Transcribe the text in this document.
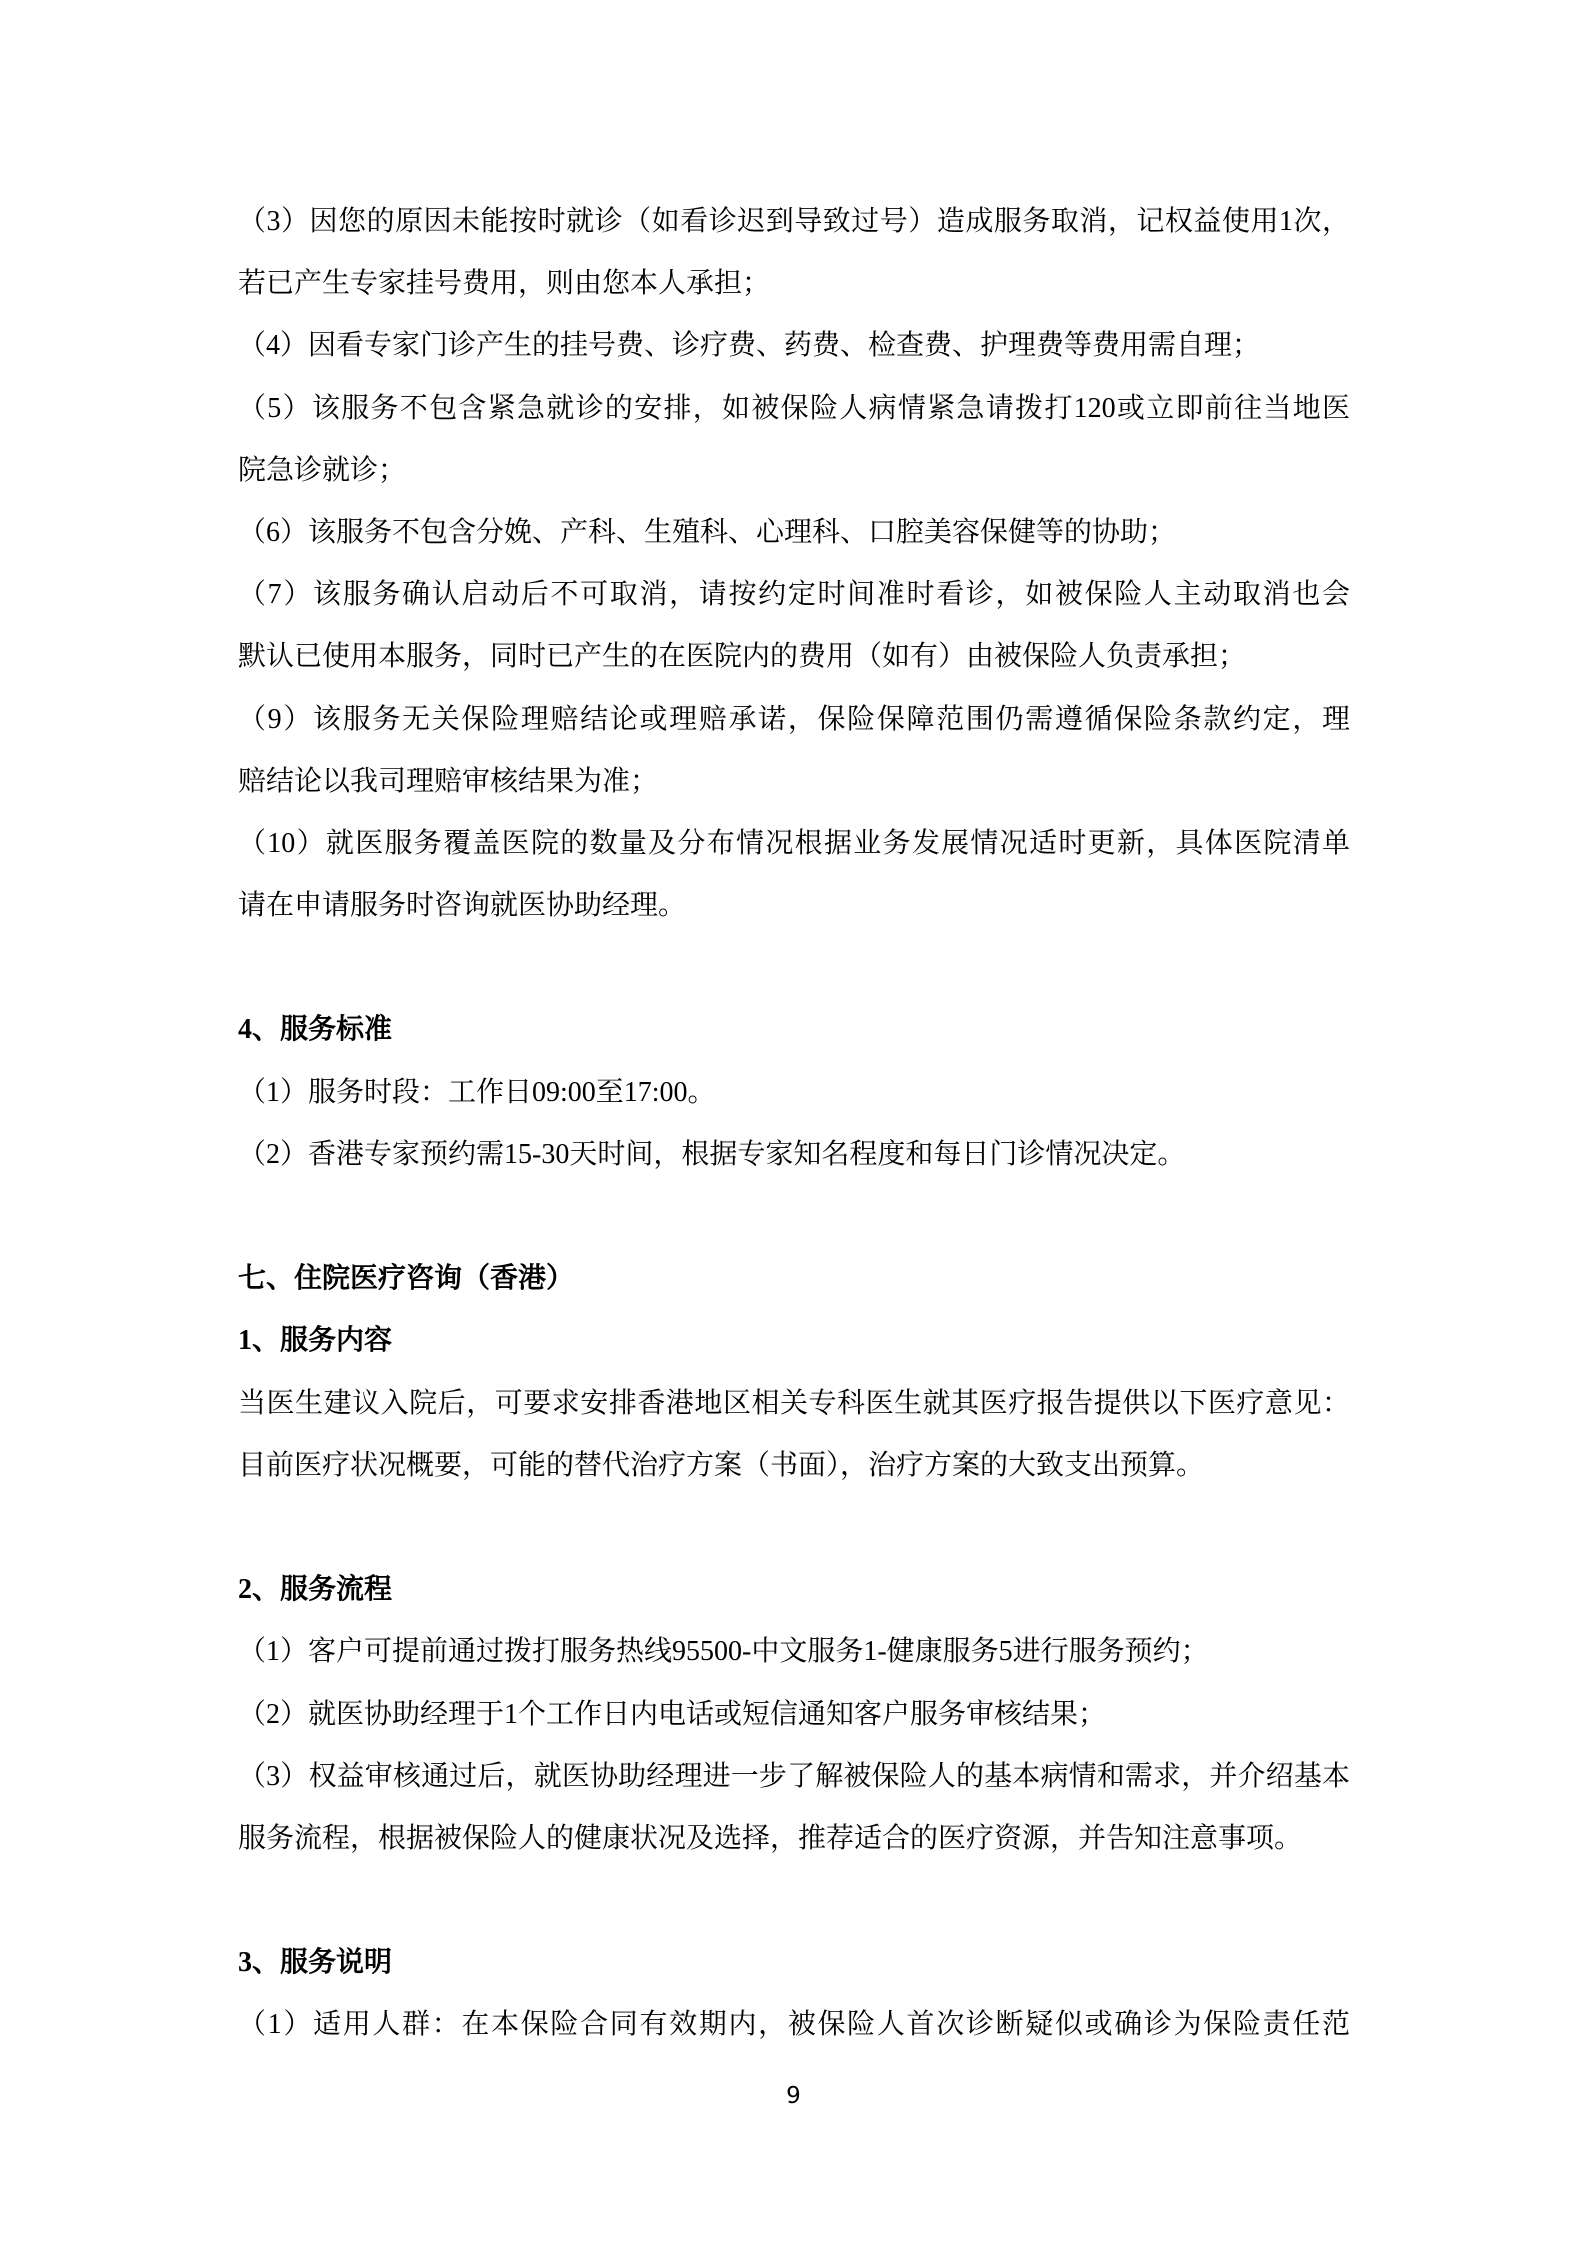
（3）因您的原因未能按时就诊（如看诊迟到导致过号）造成服务取消，记权益使用1次，
若已产生专家挂号费用，则由您本人承担；
（4）因看专家门诊产生的挂号费、诊疗费、药费、检查费、护理费等费用需自理；
（5）该服务不包含紧急就诊的安排，如被保险人病情紧急请拨打120或立即前往当地医
院急诊就诊；
（6）该服务不包含分娩、产科、生殖科、心理科、口腔美容保健等的协助；
（7）该服务确认启动后不可取消，请按约定时间准时看诊，如被保险人主动取消也会
默认已使用本服务，同时已产生的在医院内的费用（如有）由被保险人负责承担；
（9）该服务无关保险理赔结论或理赔承诺，保险保障范围仍需遵循保险条款约定，理
赔结论以我司理赔审核结果为准；
（10）就医服务覆盖医院的数量及分布情况根据业务发展情况适时更新，具体医院清单
请在申请服务时咨询就医协助经理。
4、服务标准
（1）服务时段：工作日09:00至17:00。
（2）香港专家预约需15-30天时间，根据专家知名程度和每日门诊情况决定。
七、住院医疗咨询（香港）
1、服务内容
当医生建议入院后，可要求安排香港地区相关专科医生就其医疗报告提供以下医疗意见：
目前医疗状况概要，可能的替代治疗方案（书面），治疗方案的大致支出预算。
2、服务流程
（1）客户可提前通过拨打服务热线95500-中文服务1-健康服务5进行服务预约；
（2）就医协助经理于1个工作日内电话或短信通知客户服务审核结果；
（3）权益审核通过后，就医协助经理进一步了解被保险人的基本病情和需求，并介绍基本
服务流程，根据被保险人的健康状况及选择，推荐适合的医疗资源，并告知注意事项。
3、服务说明
（1）适用人群：在本保险合同有效期内，被保险人首次诊断疑似或确诊为保险责任范
9
